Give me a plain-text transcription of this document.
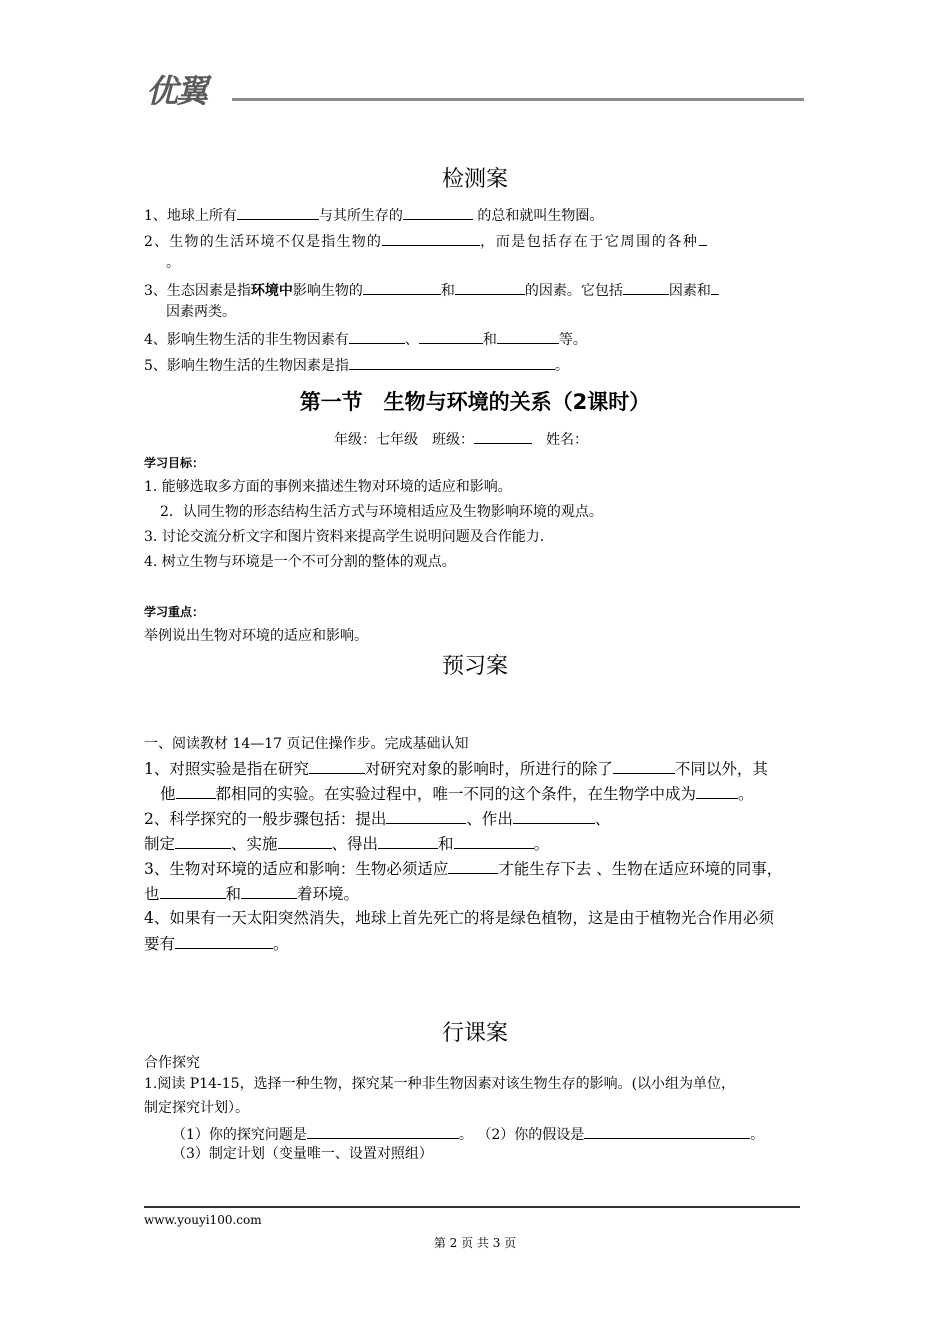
优翼
检测案
1、地球上所有	与其所生存的	的总和就叫生物圈。
2、生物的生活环境不仅是指生物的	，而是包括存在于它周围的各种
。
3、生态因素是指环境中影响生物的	和	的因素。它包括	因素和
因素两类。
4、影响生物生活的非生物因素有	、	和	等。
5、影响生物生活的生物因素是指	。
第一节　生物与环境的关系（2课时）
年级：七年级　班级：	　姓名：
学习目标：
1. 能够选取多方面的事例来描述生物对环境的适应和影响。
2．认同生物的形态结构生活方式与环境相适应及生物影响环境的观点。
3. 讨论交流分析文字和图片资料来提高学生说明问题及合作能力.
4. 树立生物与环境是一个不可分割的整体的观点。
学习重点：
举例说出生物对环境的适应和影响。
预习案
一、阅读教材 14—17 页记住操作步。完成基础认知
1、对照实验是指在研究	对研究对象的影响时，所进行的除了	不同以外，其
他	都相同的实验。在实验过程中，唯一不同的这个条件，在生物学中成为	。
2、科学探究的一般步骤包括：提出	、作出	、
制定	、实施	、得出	和	。
3、生物对环境的适应和影响：生物必须适应	才能生存下去 、生物在适应环境的同事，
也	和	着环境。
4、如果有一天太阳突然消失，地球上首先死亡的将是绿色植物，这是由于植物光合作用必须
要有	。
行课案
合作探究
1.阅读 P14-15，选择一种生物，探究某一种非生物因素对该生物生存的影响。(以小组为单位，
制定探究计划）。
（1）你的探究问题是	。 （2）你的假设是	。
（3）制定计划（变量唯一、设置对照组）
www.youyi100.com
第 2 页 共 3 页
